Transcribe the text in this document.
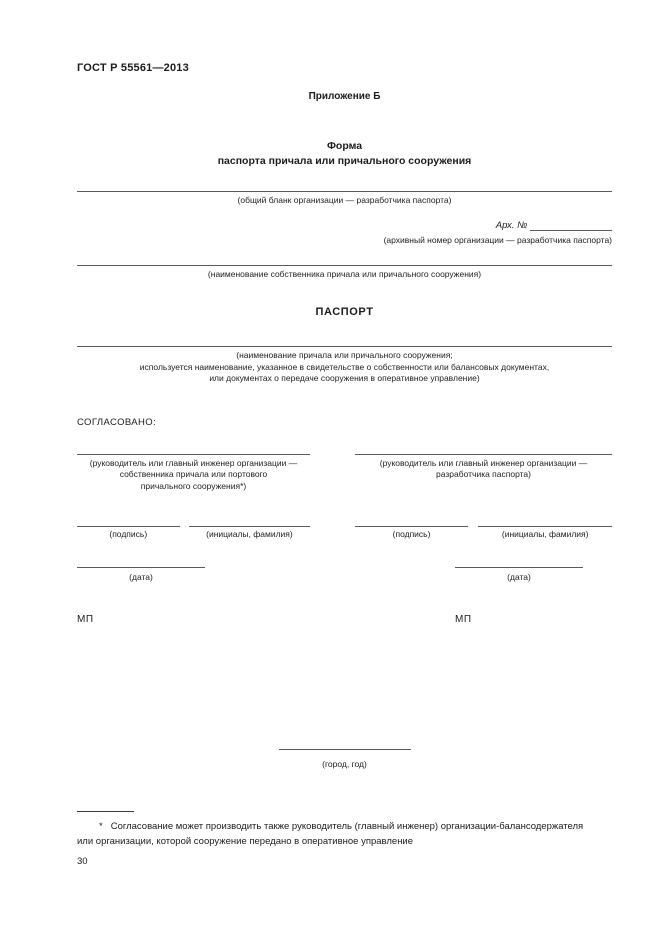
ГОСТ Р 55561—2013
Приложение Б
Форма
паспорта причала или причального сооружения
(общий бланк организации — разработчика паспорта)
Арх. №
(архивный номер организации — разработчика паспорта)
(наименование собственника причала или причального сооружения)
ПАСПОРТ
(наименование причала или причального сооружения;
используется наименование, указанное в свидетельстве о собственности или балансовых документах,
или документах о передаче сооружения в оперативное управление)
СОГЛАСОВАНО:
(руководитель или главный инженер организации —
собственника причала или портового
причального сооружения*)
(подпись)	(инициалы, фамилия)
(дата)
МП
(руководитель или главный инженер организации —
разработчика паспорта)
(подпись)	(инициалы, фамилия)
(дата)
МП
(город, год)
* Согласование может производить также руководитель (главный инженер) организации-балансодержателя
или организации, которой сооружение передано в оперативное управление
30
